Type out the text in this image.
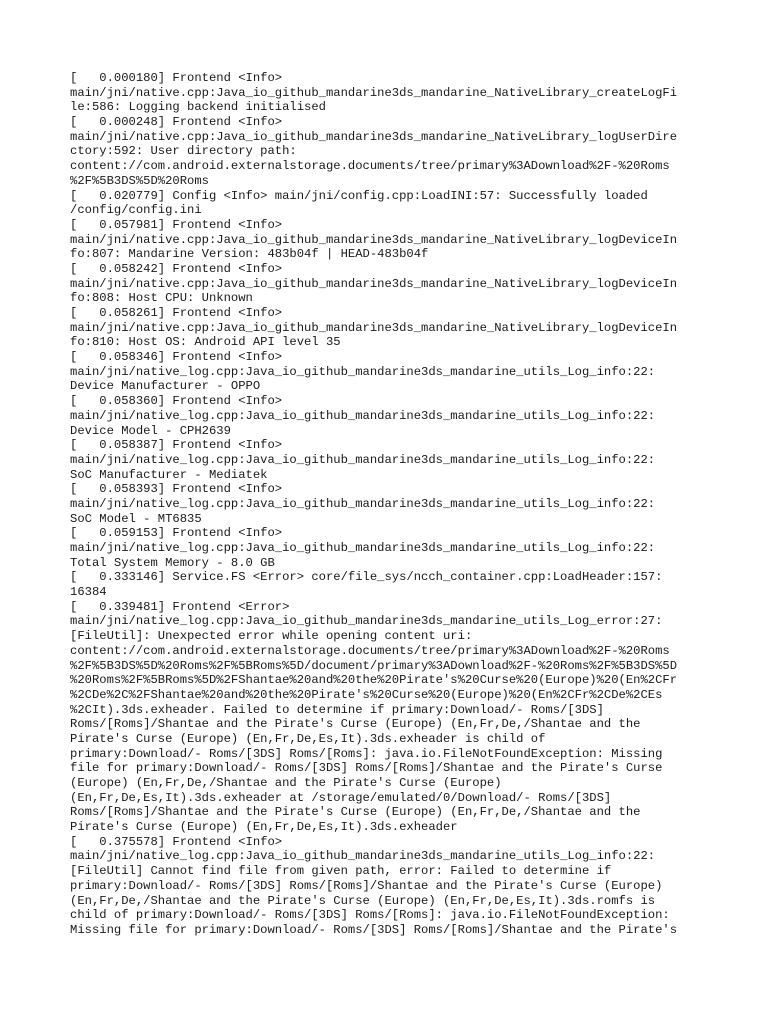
[   0.000180] Frontend <Info>
main/jni/native.cpp:Java_io_github_mandarine3ds_mandarine_NativeLibrary_createLogFi
le:586: Logging backend initialised
[   0.000248] Frontend <Info>
main/jni/native.cpp:Java_io_github_mandarine3ds_mandarine_NativeLibrary_logUserDire
ctory:592: User directory path:
content://com.android.externalstorage.documents/tree/primary%3ADownload%2F-%20Roms
%2F%5B3DS%5D%20Roms
[   0.020779] Config <Info> main/jni/config.cpp:LoadINI:57: Successfully loaded
/config/config.ini
[   0.057981] Frontend <Info>
main/jni/native.cpp:Java_io_github_mandarine3ds_mandarine_NativeLibrary_logDeviceIn
fo:807: Mandarine Version: 483b04f | HEAD-483b04f
[   0.058242] Frontend <Info>
main/jni/native.cpp:Java_io_github_mandarine3ds_mandarine_NativeLibrary_logDeviceIn
fo:808: Host CPU: Unknown
[   0.058261] Frontend <Info>
main/jni/native.cpp:Java_io_github_mandarine3ds_mandarine_NativeLibrary_logDeviceIn
fo:810: Host OS: Android API level 35
[   0.058346] Frontend <Info>
main/jni/native_log.cpp:Java_io_github_mandarine3ds_mandarine_utils_Log_info:22:
Device Manufacturer - OPPO
[   0.058360] Frontend <Info>
main/jni/native_log.cpp:Java_io_github_mandarine3ds_mandarine_utils_Log_info:22:
Device Model - CPH2639
[   0.058387] Frontend <Info>
main/jni/native_log.cpp:Java_io_github_mandarine3ds_mandarine_utils_Log_info:22:
SoC Manufacturer - Mediatek
[   0.058393] Frontend <Info>
main/jni/native_log.cpp:Java_io_github_mandarine3ds_mandarine_utils_Log_info:22:
SoC Model - MT6835
[   0.059153] Frontend <Info>
main/jni/native_log.cpp:Java_io_github_mandarine3ds_mandarine_utils_Log_info:22:
Total System Memory - 8.0 GB
[   0.333146] Service.FS <Error> core/file_sys/ncch_container.cpp:LoadHeader:157:
16384
[   0.339481] Frontend <Error>
main/jni/native_log.cpp:Java_io_github_mandarine3ds_mandarine_utils_Log_error:27:
[FileUtil]: Unexpected error while opening content uri:
content://com.android.externalstorage.documents/tree/primary%3ADownload%2F-%20Roms
%2F%5B3DS%5D%20Roms%2F%5BRoms%5D/document/primary%3ADownload%2F-%20Roms%2F%5B3DS%5D
%20Roms%2F%5BRoms%5D%2FShantae%20and%20the%20Pirate's%20Curse%20(Europe)%20(En%2CFr
%2CDe%2C%2FShantae%20and%20the%20Pirate's%20Curse%20(Europe)%20(En%2CFr%2CDe%2CEs
%2CIt).3ds.exheader. Failed to determine if primary:Download/- Roms/[3DS]
Roms/[Roms]/Shantae and the Pirate's Curse (Europe) (En,Fr,De,/Shantae and the
Pirate's Curse (Europe) (En,Fr,De,Es,It).3ds.exheader is child of
primary:Download/- Roms/[3DS] Roms/[Roms]: java.io.FileNotFoundException: Missing
file for primary:Download/- Roms/[3DS] Roms/[Roms]/Shantae and the Pirate's Curse
(Europe) (En,Fr,De,/Shantae and the Pirate's Curse (Europe)
(En,Fr,De,Es,It).3ds.exheader at /storage/emulated/0/Download/- Roms/[3DS]
Roms/[Roms]/Shantae and the Pirate's Curse (Europe) (En,Fr,De,/Shantae and the
Pirate's Curse (Europe) (En,Fr,De,Es,It).3ds.exheader
[   0.375578] Frontend <Info>
main/jni/native_log.cpp:Java_io_github_mandarine3ds_mandarine_utils_Log_info:22:
[FileUtil] Cannot find file from given path, error: Failed to determine if
primary:Download/- Roms/[3DS] Roms/[Roms]/Shantae and the Pirate's Curse (Europe)
(En,Fr,De,/Shantae and the Pirate's Curse (Europe) (En,Fr,De,Es,It).3ds.romfs is
child of primary:Download/- Roms/[3DS] Roms/[Roms]: java.io.FileNotFoundException:
Missing file for primary:Download/- Roms/[3DS] Roms/[Roms]/Shantae and the Pirate's
